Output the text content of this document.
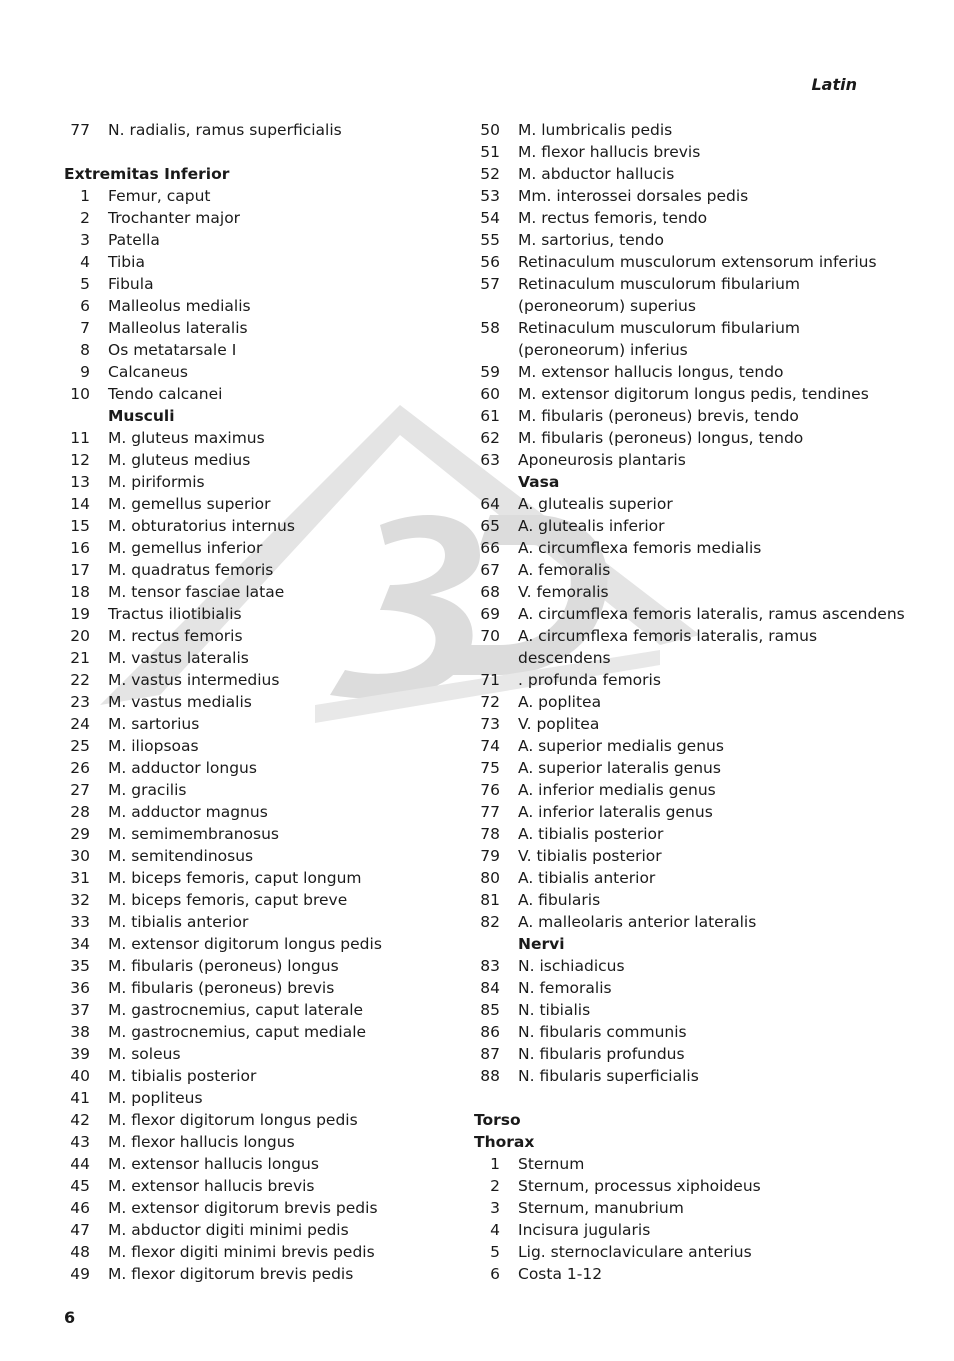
Latin
77 N. radialis, ramus superficialis
Extremitas Inferior
1 Femur, caput
2 Trochanter major
3 Patella
4 Tibia
5 Fibula
6 Malleolus medialis
7 Malleolus lateralis
8 Os metatarsale I
9 Calcaneus
10 Tendo calcanei
Musculi
11 M. gluteus maximus
12 M. gluteus medius
13 M. piriformis
14 M. gemellus superior
15 M. obturatorius internus
16 M. gemellus inferior
17 M. quadratus femoris
18 M. tensor fasciae latae
19 Tractus iliotibialis
20 M. rectus femoris
21 M. vastus lateralis
22 M. vastus intermedius
23 M. vastus medialis
24 M. sartorius
25 M. iliopsoas
26 M. adductor longus
27 M. gracilis
28 M. adductor magnus
29 M. semimembranosus
30 M. semitendinosus
31 M. biceps femoris, caput longum
32 M. biceps femoris, caput breve
33 M. tibialis anterior
34 M. extensor digitorum longus pedis
35 M. fibularis (peroneus) longus
36 M. fibularis (peroneus) brevis
37 M. gastrocnemius, caput laterale
38 M. gastrocnemius, caput mediale
39 M. soleus
40 M. tibialis posterior
41 M. popliteus
42 M. flexor digitorum longus pedis
43 M. flexor hallucis longus
44 M. extensor hallucis longus
45 M. extensor hallucis brevis
46 M. extensor digitorum brevis pedis
47 M. abductor digiti minimi pedis
48 M. flexor digiti minimi brevis pedis
49 M. flexor digitorum brevis pedis
50 M. lumbricalis pedis
51 M. flexor hallucis brevis
52 M. abductor hallucis
53 Mm. interossei dorsales pedis
54 M. rectus femoris, tendo
55 M. sartorius, tendo
56 Retinaculum musculorum extensorum inferius
57 Retinaculum musculorum fibularium
(peroneorum) superius
58 Retinaculum musculorum fibularium
(peroneorum) inferius
59 M. extensor hallucis longus, tendo
60 M. extensor digitorum longus pedis, tendines
61 M. fibularis (peroneus) brevis, tendo
62 M. fibularis (peroneus) longus, tendo
63 Aponeurosis plantaris
Vasa
64 A. glutealis superior
65 A. glutealis inferior
66 A. circumflexa femoris medialis
67 A. femoralis
68 V. femoralis
69 A. circumflexa femoris lateralis, ramus ascendens
70 A. circumflexa femoris lateralis, ramus
descendens
71 . profunda femoris
72 A. poplitea
73 V. poplitea
74 A. superior medialis genus
75 A. superior lateralis genus
76 A. inferior medialis genus
77 A. inferior lateralis genus
78 A. tibialis posterior
79 V. tibialis posterior
80 A. tibialis anterior
81 A. fibularis
82 A. malleolaris anterior lateralis
Nervi
83 N. ischiadicus
84 N. femoralis
85 N. tibialis
86 N. fibularis communis
87 N. fibularis profundus
88 N. fibularis superficialis
Torso
Thorax
1 Sternum
2 Sternum, processus xiphoideus
3 Sternum, manubrium
4 Incisura jugularis
5 Lig. sternoclaviculare anterius
6 Costa 1-12
6
